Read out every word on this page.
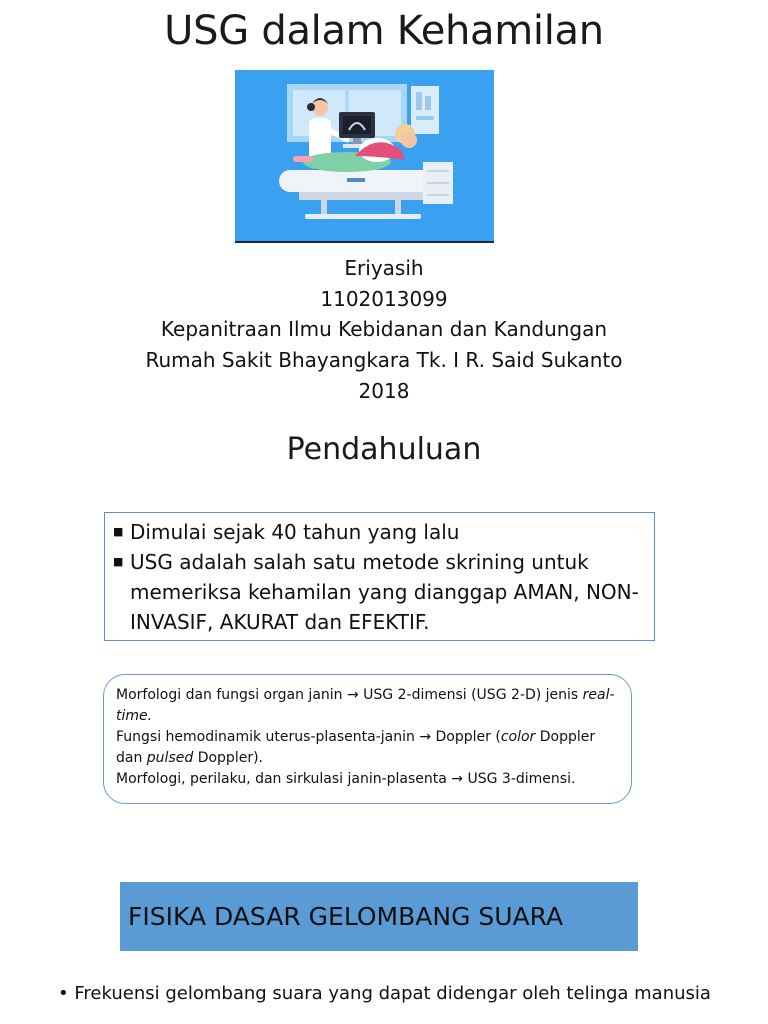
USG dalam Kehamilan
Eriyasih
1102013099
Kepanitraan Ilmu Kebidanan dan Kandungan
Rumah Sakit Bhayangkara Tk. I R. Said Sukanto
2018
Pendahuluan
■ Dimulai sejak 40 tahun yang lalu
■ USG adalah salah satu metode skrining untuk memeriksa kehamilan yang dianggap AMAN, NON-INVASIF, AKURAT dan EFEKTIF.
Morfologi dan fungsi organ janin → USG 2-dimensi (USG 2-D) jenis real-time.
Fungsi hemodinamik uterus-plasenta-janin → Doppler (color Doppler dan pulsed Doppler).
Morfologi, perilaku, dan sirkulasi janin-plasenta → USG 3-dimensi.
FISIKA DASAR GELOMBANG SUARA
• Frekuensi gelombang suara yang dapat didengar oleh telinga manusia
